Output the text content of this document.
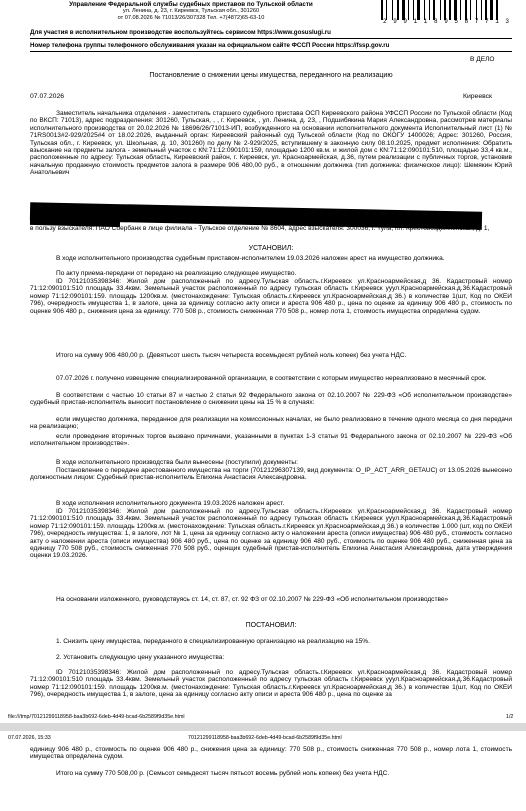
Управление Федеральной службы судебных приставов по Тульской области
ул. Ленина, д. 23, г. Киреевск, Тульская обл., 301260
от 07.08.2026 № 71013/26/307328 Тел. +7(4872)65-63-10	2 9 9 1 1 8 9 5 8 7 7 1 3
Для участия в исполнительном производстве воспользуйтесь сервисом https://www.gosuslugi.ru
Номер телефона группы телефонного обслуживания указан на официальном сайте ФССП России https://fssp.gov.ru
В ДЕЛО
Постановление о снижении цены имущества, переданного на реализацию
07.07.2026	Киреевск
Заместитель начальника отделения - заместитель старшего судебного пристава ОСП Киреевского района УФССП России по Тульской области (Код по ВКСП: 71013), адрес подразделения: 301260, Тульская, , , г. Киреевск, , ул. Ленина, д. 23, , Подшибякина Мария Александровна, рассмотрев материалы исполнительного производства от 20.02.2026 № 18696/26/71013-ИП, возбужденного на основании исполнительного документа Исполнительный лист (1) № 71RS0013#2-929/2025#4 от 18.02.2026, выданный орган: Киреевский районный суд Тульской области (Код по ОКОГУ 1400026; Адрес: 301260, Россия, Тульская обл., г. Киреевск, ул. Школьная, д. 10, 301260) по делу № 2-929/2025, вступившему в законную силу 08.10.2025, предмет исполнения: Обратить взыскание на предметы залога - земельный участок с КN:71:12:090101:159, площадью 1200 кв.м. и жилой дом с КN:71:12:090101:510, площадью 33,4 кв.м., расположенные по адресу: Тульская область, Киреевский район, г. Киреевск, ул. Красноармейская, д.36, путем реализации с публичных торгов, установив начальную продажную стоимость предметов залога в размере 906 480,00 руб., в отношении должника (тип должника: физическое лицо): Шемякин Юрий Анатольевич
в пользу взыскателя: ПАО Сбербанк в лице филиала - Тульское отделение № 8604, адрес взыскателя: 300036, г. Тула, пл. Крестовоздвиженская, д. 1,
УСТАНОВИЛ:
В ходе исполнительного производства судебным приставом-исполнителем 19.03.2026 наложен арест на имущество должника.
По акту приема-передачи от передано на реализацию следующее имущество.
ID 70121035398346: Жилой дом расположенный по адресу.Тульская область.г.Киреевск ул.Красноармейская,д 36. Кадастровый номер 71:12:090101:510 площадь 33.4квм. Земельный участок расположенный по адресу тульская область г.Киреевск ууул.Красноармейская.д.36.Кадастровый номер 71:12:090101:159. площадь 1200кв.м. (местонахождение: Тульская область.г.Киреевск ул.Красноармейская,д 36.) в количестве 1(шт, Код по ОКЕИ 796), очередность имущества 1, в залоге, цена за единицу согласно акту описи и ареста 906 480 р., цена по оценке за единицу 906 480 р., стоимость по оценке 906 480 р., снижения цена за единицу: 770 508 р., стоимость сниженная 770 508 р., номер лота 1, стоимость имущества определена судом.
Итого на сумму 906 480,00 р. (Девятьсот шесть тысяч четыреста восемьдесят рублей ноль копеек) без учета НДС.
07.07.2026 г. получено извещение специализированной организации, в соответствии с которым имущество нереализовано в месячный срок.
В соответствии с частью 10 статьи 87 и частью 2 статьи 92 Федерального закона от 02.10.2007 № 229-ФЗ «Об исполнительном производстве» судебный пристав-исполнитель выносит постановление о снижении цены на 15 % в случаях:
если имущество должника, переданное для реализации на комиссионных началах, не было реализовано в течение одного месяца со дня передачи на реализацию;
если проведение вторичных торгов вызвано причинами, указанными в пунктах 1-3 статьи 91 Федерального закона от 02.10.2007 № 229-ФЗ «Об исполнительном производстве».
В ходе исполнительного производства были вынесены (поступили) документы:
Постановление о передаче арестованного имущества на торги (70121296307139, вид документа: O_IP_ACT_ARR_GETAUC) от 13.05.2026 вынесено должностным лицом: Судебный пристав-исполнитель Епихина Анастасия Александровна.
В ходе исполнения исполнительного документа 19.03.2026 наложен арест.
ID 70121035398346: Жилой дом расположенный по адресу.Тульская область.г.Киреевск ул.Красноармейская,д 36. Кадастровый номер 71:12:090101:510 площадь 33.4квм. Земельный участок расположенный по адресу тульская область г.Киреевск ууул.Красноармейская.д.36.Кадастровый номер 71:12:090101:159. площадь 1200кв.м. (местонахождение: Тульская область.г.Киреевск ул.Красноармейская,д 36.) в количестве 1.000 (шт, код по ОКЕИ 796), очередность имущества: 1, в залоге, лот № 1, цена за единицу согласно акту о наложении ареста (описи имущества) 906 480 руб., стоимость согласно акту о наложении ареста (описи имущества) 906 480 руб., цена по оценке за единицу 906 480 руб., стоимость по оценке 906 480 руб., сниженная цена за единицу 770 508 руб., стоимость сниженная 770 508 руб., оценщик судебный пристав-исполнитель Епихина Анастасия Александровна, дата утверждения оценки 19.03.2026.
На основании изложенного, руководствуясь ст. 14, ст. 87, ст. 92 ФЗ от 02.10.2007 № 229-ФЗ «Об исполнительном производстве»
ПОСТАНОВИЛ:
1. Снизить цену имущества, переданного в специализированную организацию на реализацию на 15%.
2. Установить следующую цену указанного имущества:
ID 70121035398346: Жилой дом расположенный по адресу.Тульская область.г.Киреевск ул.Красноармейская,д 36. Кадастровый номер 71:12:090101:510 площадь 33.4квм. Земельный участок расположенный по адресу тульская область г.Киреевск ууул.Красноармейская.д.36.Кадастровый номер 71:12:090101:159. площадь 1200кв.м. (местонахождение: Тульская область.г.Киреевск ул.Красноармейская,д 36.) в количестве 1(шт, Код по ОКЕИ 796), очередность имущества 1, в залоге, цена за единицу согласно акту описи и ареста 906 480 р., цена по оценке за
file:///tmp/70121299118958-baa3b692-6deb-4d49-bcad-6b2589f9d35e.html	1/2
07.07.2026, 15:33	70121299118958-baa3b692-6deb-4d49-bcad-6b2589f9d35e.html
единицу 906 480 р., стоимость по оценке 906 480 р., снижения цена за единицу: 770 508 р., стоимость сниженная 770 508 р., номер лота 1, стоимость имущества определена судом.
Итого на сумму 770 508,00 р. (Семьсот семьдесят тысяч пятьсот восемь рублей ноль копеек) без учета НДС.
